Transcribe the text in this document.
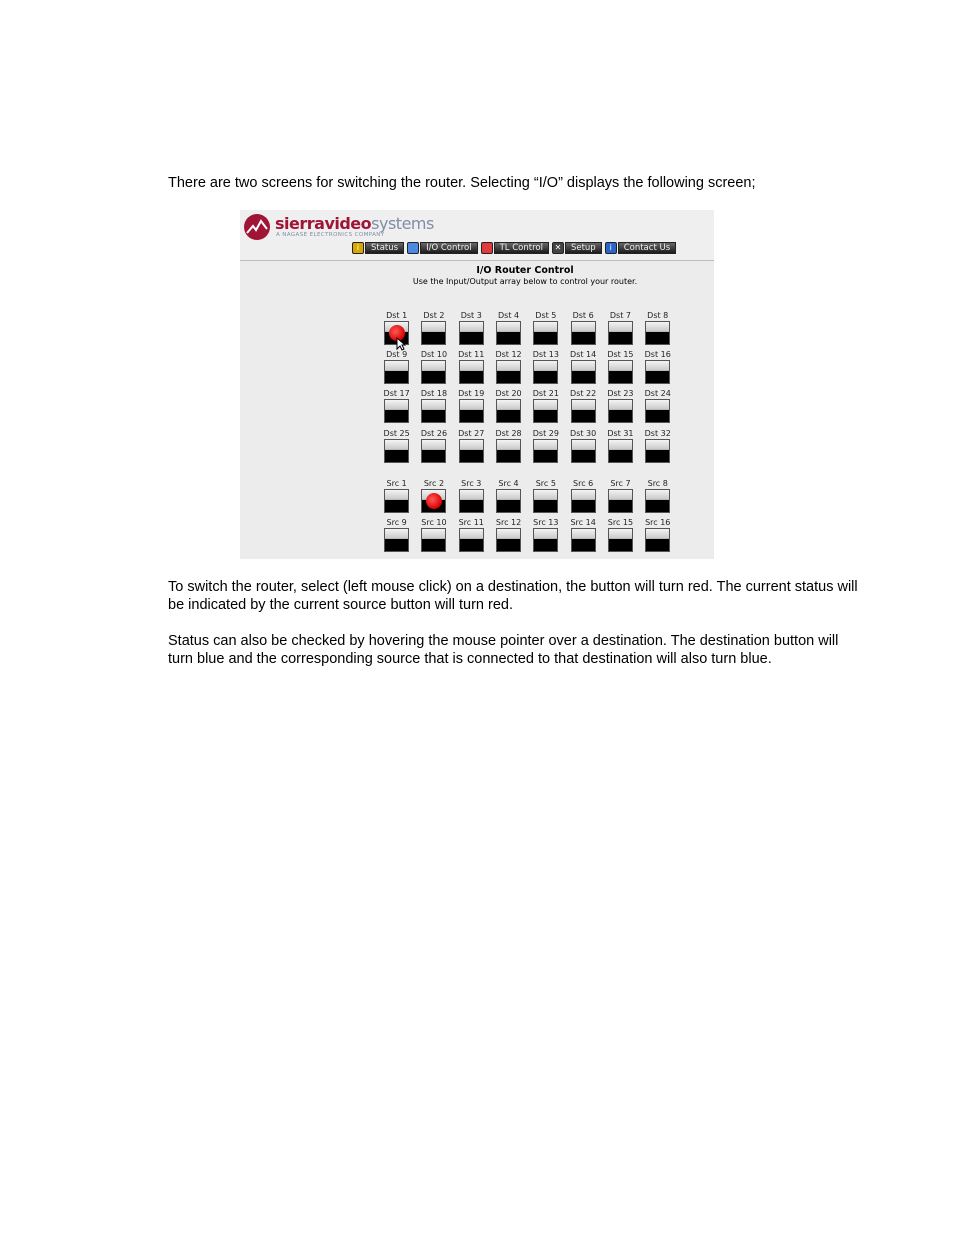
There are two screens for switching the router. Selecting “I/O” displays the following screen;

sierravideosystems
A NAGASE ELECTRONICS COMPANY
i	Status	I/O Control	TL Control	✕	Setup	i	Contact Us
I/O Router Control
Use the Input/Output array below to control your router.
Dst 1 Dst 2 Dst 3 Dst 4 Dst 5 Dst 6 Dst 7 Dst 8
Dst 9 Dst 10 Dst 11 Dst 12 Dst 13 Dst 14 Dst 15 Dst 16
Dst 17 Dst 18 Dst 19 Dst 20 Dst 21 Dst 22 Dst 23 Dst 24
Dst 25 Dst 26 Dst 27 Dst 28 Dst 29 Dst 30 Dst 31 Dst 32
Src 1 Src 2 Src 3 Src 4 Src 5 Src 6 Src 7 Src 8
Src 9 Src 10 Src 11 Src 12 Src 13 Src 14 Src 15 Src 16

To switch the router, select (left mouse click) on a destination, the button will turn red. The current status will be indicated by the current source button will turn red.

Status can also be checked by hovering the mouse pointer over a destination. The destination button will turn blue and the corresponding source that is connected to that destination will also turn blue.
